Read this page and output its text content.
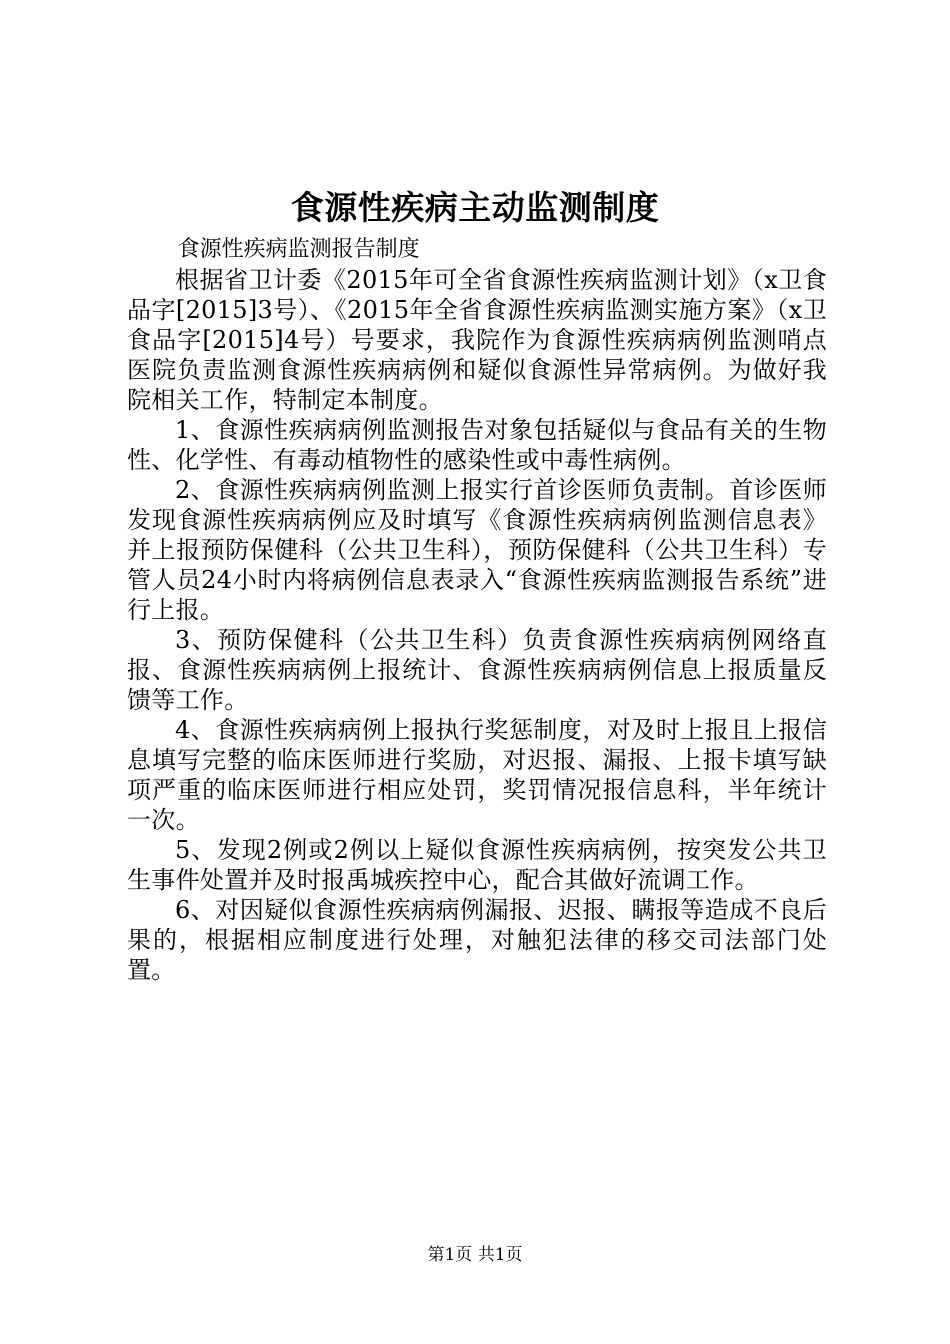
食源性疾病主动监测制度

食源性疾病监测报告制度

根据省卫计委《2015年可全省食源性疾病监测计划》（x卫食品字[2015]3号）、《2015年全省食源性疾病监测实施方案》（x卫食品字[2015]4号）号要求，我院作为食源性疾病病例监测哨点医院负责监测食源性疾病病例和疑似食源性异常病例。为做好我院相关工作，特制定本制度。

1、食源性疾病病例监测报告对象包括疑似与食品有关的生物性、化学性、有毒动植物性的感染性或中毒性病例。

2、食源性疾病病例监测上报实行首诊医师负责制。首诊医师发现食源性疾病病例应及时填写《食源性疾病病例监测信息表》并上报预防保健科（公共卫生科），预防保健科（公共卫生科）专管人员24小时内将病例信息表录入“食源性疾病监测报告系统”进行上报。

3、预防保健科（公共卫生科）负责食源性疾病病例网络直报、食源性疾病病例上报统计、食源性疾病病例信息上报质量反馈等工作。

4、食源性疾病病例上报执行奖惩制度，对及时上报且上报信息填写完整的临床医师进行奖励，对迟报、漏报、上报卡填写缺项严重的临床医师进行相应处罚，奖罚情况报信息科，半年统计一次。

5、发现2例或2例以上疑似食源性疾病病例，按突发公共卫生事件处置并及时报禹城疾控中心，配合其做好流调工作。

6、对因疑似食源性疾病病例漏报、迟报、瞒报等造成不良后果的，根据相应制度进行处理，对触犯法律的移交司法部门处置。

第1页 共1页
